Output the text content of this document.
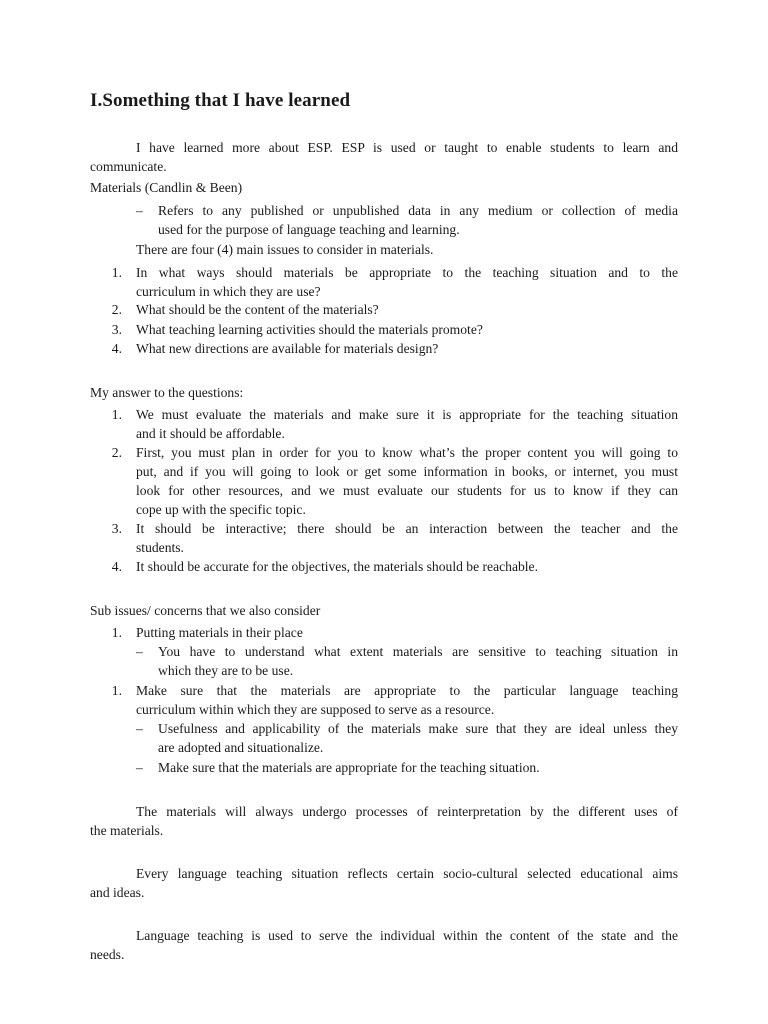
I.Something that I have learned
I have learned more about ESP. ESP is used or taught to enable students to learn and
communicate.
Materials (Candlin & Been)
– Refers to any published or unpublished data in any medium or collection of media
used for the purpose of language teaching and learning.
There are four (4) main issues to consider in materials.
1. In what ways should materials be appropriate to the teaching situation and to the
curriculum in which they are use?
2. What should be the content of the materials?
3. What teaching learning activities should the materials promote?
4. What new directions are available for materials design?
My answer to the questions:
1. We must evaluate the materials and make sure it is appropriate for the teaching situation
and it should be affordable.
2. First, you must plan in order for you to know what’s the proper content you will going to
put, and if you will going to look or get some information in books, or internet, you must
look for other resources, and we must evaluate our students for us to know if they can
cope up with the specific topic.
3. It should be interactive; there should be an interaction between the teacher and the
students.
4. It should be accurate for the objectives, the materials should be reachable.
Sub issues/ concerns that we also consider
1. Putting materials in their place
– You have to understand what extent materials are sensitive to teaching situation in
which they are to be use.
1. Make sure that the materials are appropriate to the particular language teaching
curriculum within which they are supposed to serve as a resource.
– Usefulness and applicability of the materials make sure that they are ideal unless they
are adopted and situationalize.
– Make sure that the materials are appropriate for the teaching situation.
The materials will always undergo processes of reinterpretation by the different uses of
the materials.
Every language teaching situation reflects certain socio-cultural selected educational aims
and ideas.
Language teaching is used to serve the individual within the content of the state and the
needs.
